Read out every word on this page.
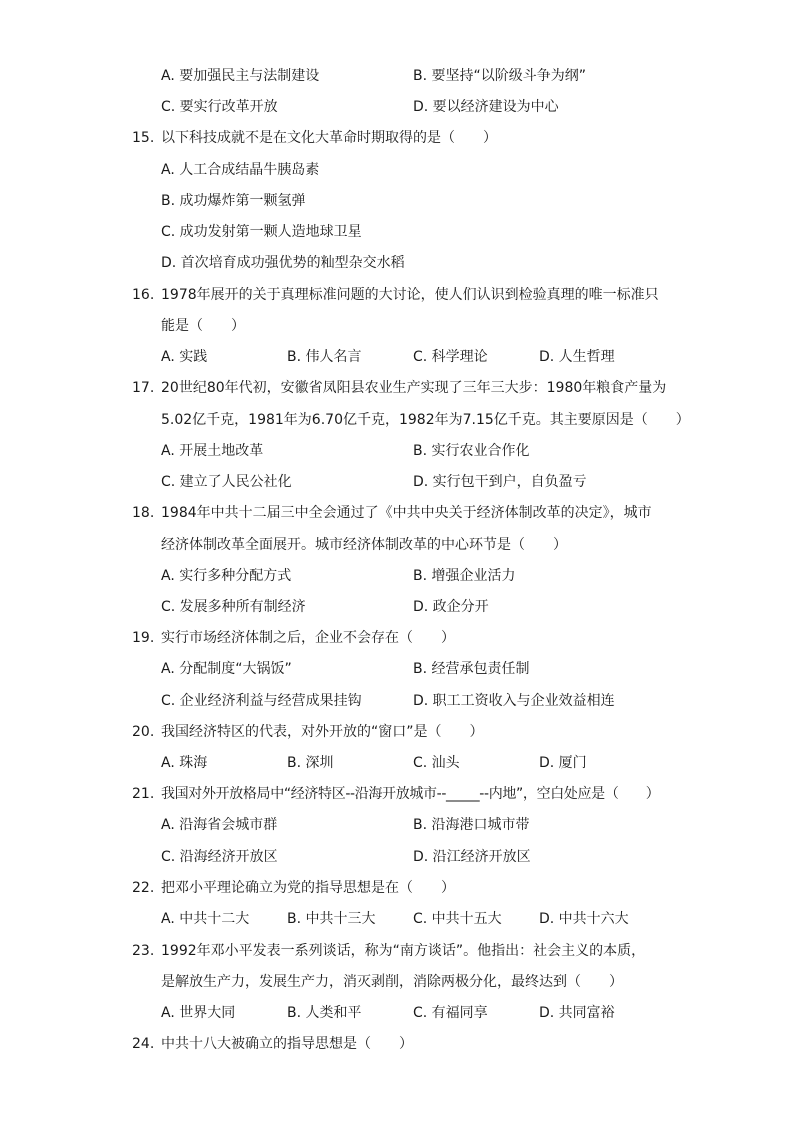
A. 要加强民主与法制建设	B. 要坚持“以阶级斗争为纲”
C. 要实行改革开放	D. 要以经济建设为中心
15. 以下科技成就不是在文化大革命时期取得的是（　　）
A. 人工合成结晶牛胰岛素
B. 成功爆炸第一颗氢弹
C. 成功发射第一颗人造地球卫星
D. 首次培育成功强优势的籼型杂交水稻
16. 1978年展开的关于真理标准问题的大讨论，使人们认识到检验真理的唯一标准只
能是（　　）
A. 实践	B. 伟人名言	C. 科学理论	D. 人生哲理
17. 20世纪80年代初，安徽省凤阳县农业生产实现了三年三大步：1980年粮食产量为
5.02亿千克，1981年为6.70亿千克，1982年为7.15亿千克。其主要原因是（　　）
A. 开展土地改革	B. 实行农业合作化
C. 建立了人民公社化	D. 实行包干到户，自负盈亏
18. 1984年中共十二届三中全会通过了《中共中央关于经济体制改革的决定》，城市
经济体制改革全面展开。城市经济体制改革的中心环节是（　　）
A. 实行多种分配方式	B. 增强企业活力
C. 发展多种所有制经济	D. 政企分开
19. 实行市场经济体制之后，企业不会存在（　　）
A. 分配制度“大锅饭”	B. 经营承包责任制
C. 企业经济利益与经营成果挂钩	D. 职工工资收入与企业效益相连
20. 我国经济特区的代表，对外开放的“窗口”是（　　）
A. 珠海	B. 深圳	C. 汕头	D. 厦门
21. 我国对外开放格局中“经济特区--沿海开放城市--_____--内地”，空白处应是（　　）
A. 沿海省会城市群	B. 沿海港口城市带
C. 沿海经济开放区	D. 沿江经济开放区
22. 把邓小平理论确立为党的指导思想是在（　　）
A. 中共十二大	B. 中共十三大	C. 中共十五大	D. 中共十六大
23. 1992年邓小平发表一系列谈话，称为“南方谈话”。他指出：社会主义的本质，
是解放生产力，发展生产力，消灭剥削，消除两极分化，最终达到（　　）
A. 世界大同	B. 人类和平	C. 有福同享	D. 共同富裕
24. 中共十八大被确立的指导思想是（　　）
